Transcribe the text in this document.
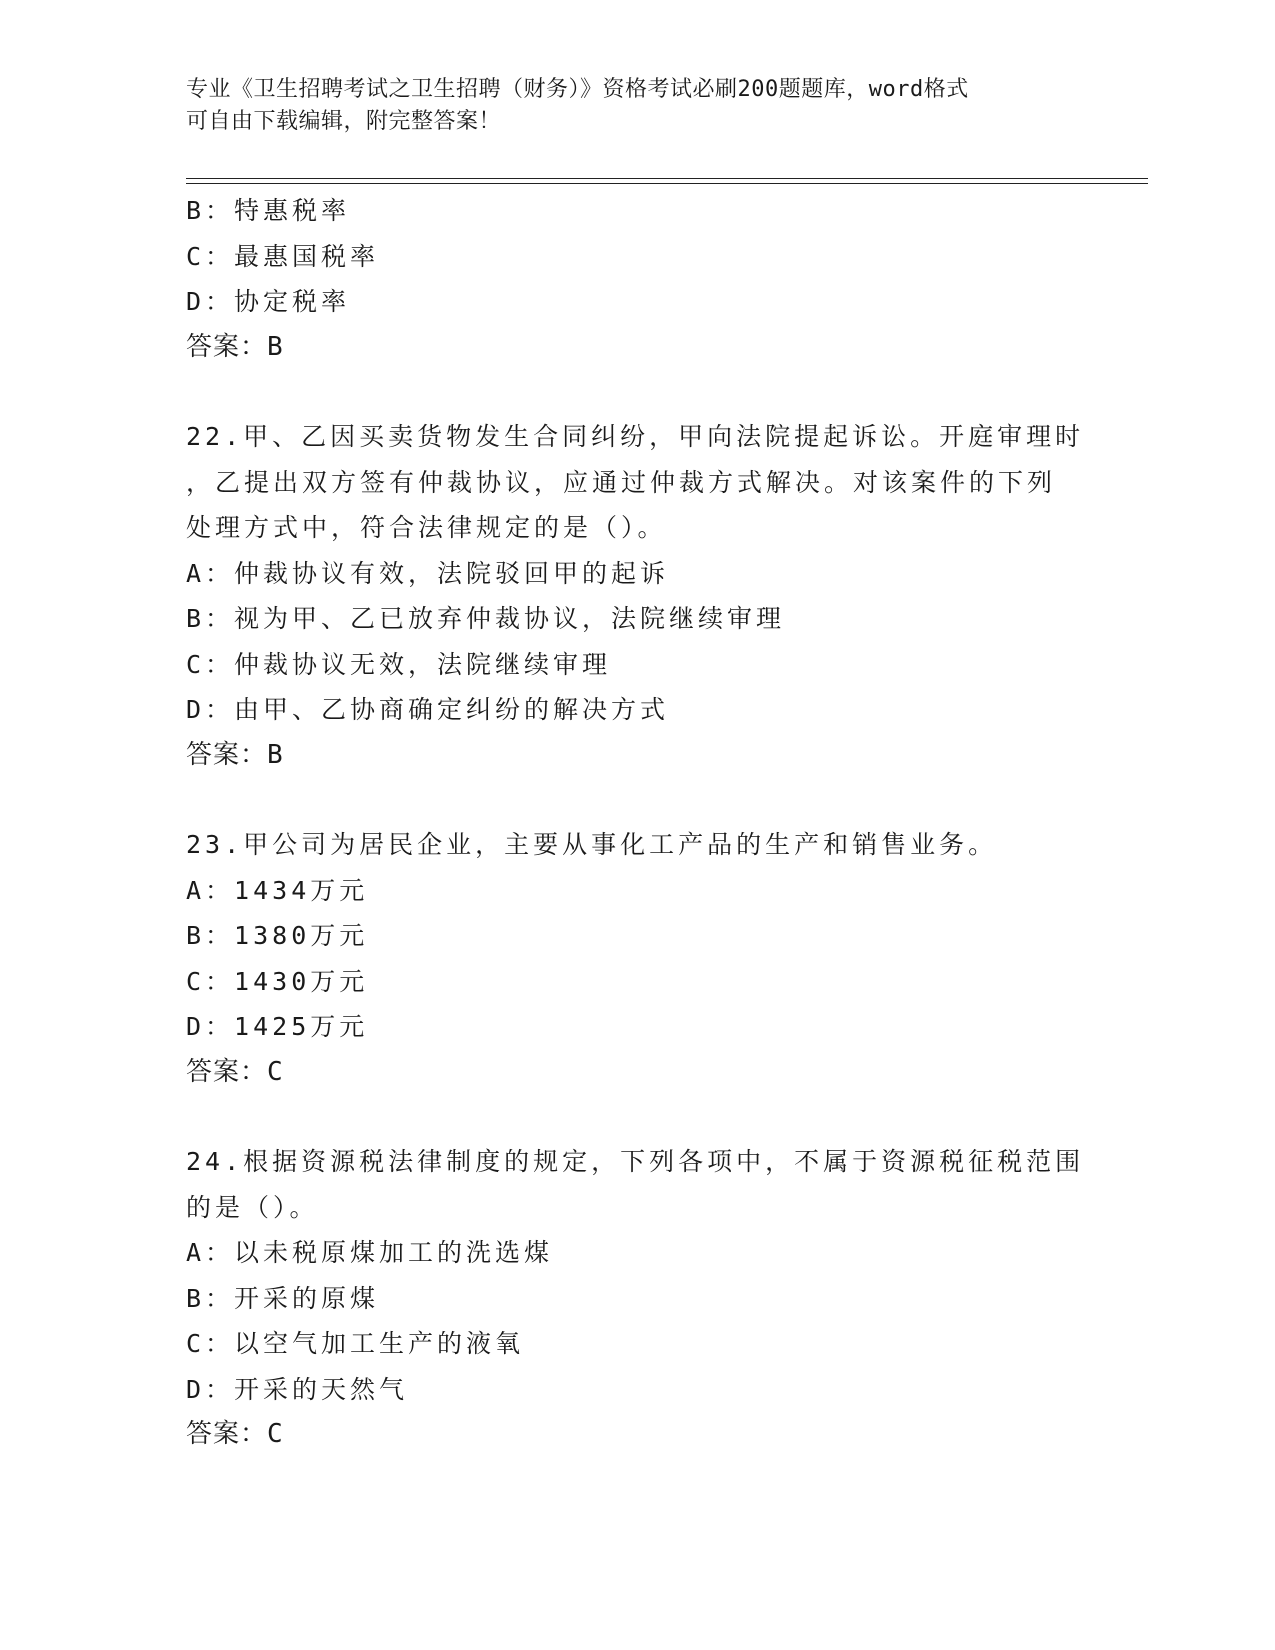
专业《卫生招聘考试之卫生招聘（财务）》资格考试必刷200题题库，word格式
可自由下载编辑，附完整答案！
B：特惠税率
C：最惠国税率
D：协定税率
答案：B
22.甲、乙因买卖货物发生合同纠纷，甲向法院提起诉讼。开庭审理时
，乙提出双方签有仲裁协议，应通过仲裁方式解决。对该案件的下列
处理方式中，符合法律规定的是（）。
A：仲裁协议有效，法院驳回甲的起诉
B：视为甲、乙已放弃仲裁协议，法院继续审理
C：仲裁协议无效，法院继续审理
D：由甲、乙协商确定纠纷的解决方式
答案：B
23.甲公司为居民企业，主要从事化工产品的生产和销售业务。
A：1434万元
B：1380万元
C：1430万元
D：1425万元
答案：C
24.根据资源税法律制度的规定，下列各项中，不属于资源税征税范围
的是（）。
A：以未税原煤加工的洗选煤
B：开采的原煤
C：以空气加工生产的液氧
D：开采的天然气
答案：C
